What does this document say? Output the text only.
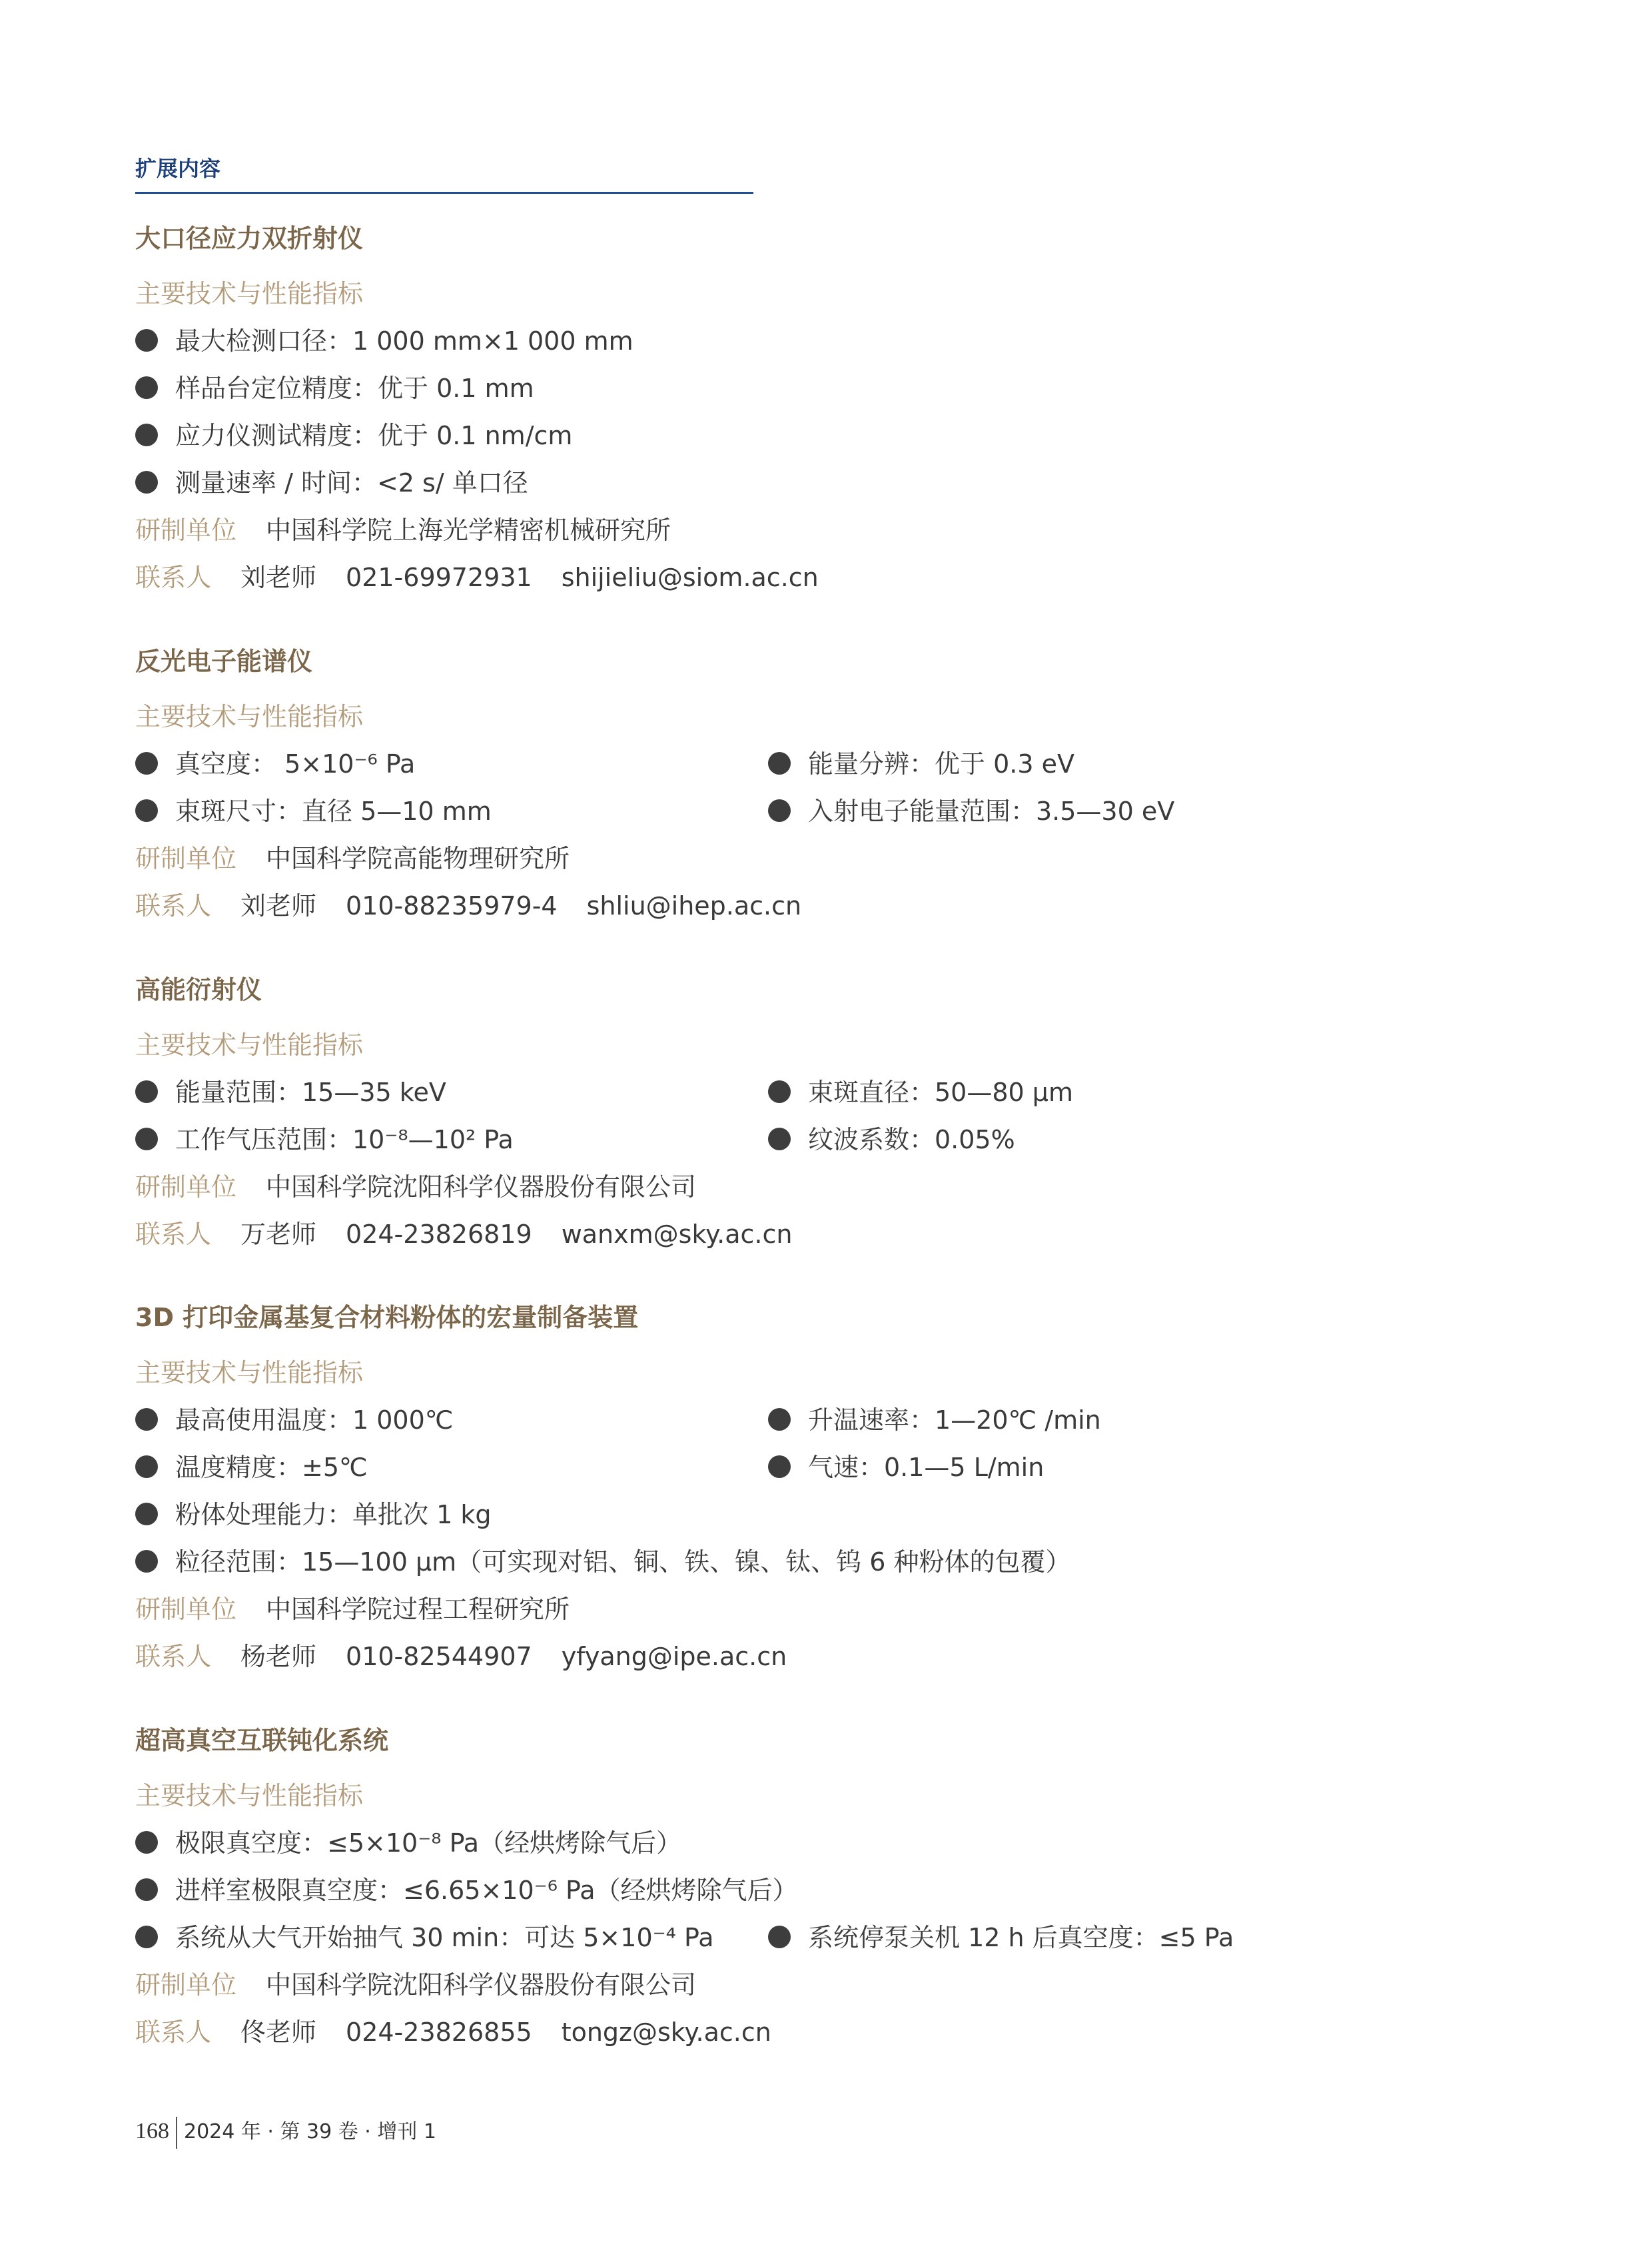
扩展内容
大口径应力双折射仪
主要技术与性能指标
最大检测口径：1 000 mm×1 000 mm
样品台定位精度：优于 0.1 mm
应力仪测试精度：优于 0.1 nm/cm
测量速率 / 时间：<2 s/ 单口径
研制单位 中国科学院上海光学精密机械研究所
联系人 刘老师 021-69972931 shijieliu@siom.ac.cn
反光电子能谱仪
主要技术与性能指标
真空度： 5×10⁻⁶ Pa	能量分辨：优于 0.3 eV
束斑尺寸：直径 5—10 mm	入射电子能量范围：3.5—30 eV
研制单位 中国科学院高能物理研究所
联系人 刘老师 010-88235979-4 shliu@ihep.ac.cn
高能衍射仪
主要技术与性能指标
能量范围：15—35 keV	束斑直径：50—80 μm
工作气压范围：10⁻⁸—10² Pa	纹波系数：0.05%
研制单位 中国科学院沈阳科学仪器股份有限公司
联系人 万老师 024-23826819 wanxm@sky.ac.cn
3D 打印金属基复合材料粉体的宏量制备装置
主要技术与性能指标
最高使用温度：1 000℃	升温速率：1—20℃ /min
温度精度：±5℃	气速：0.1—5 L/min
粉体处理能力：单批次 1 kg
粒径范围：15—100 μm（可实现对铝、铜、铁、镍、钛、钨 6 种粉体的包覆）
研制单位 中国科学院过程工程研究所
联系人 杨老师 010-82544907 yfyang@ipe.ac.cn
超高真空互联钝化系统
主要技术与性能指标
极限真空度：≤5×10⁻⁸ Pa（经烘烤除气后）
进样室极限真空度：≤6.65×10⁻⁶ Pa（经烘烤除气后）
系统从大气开始抽气 30 min：可达 5×10⁻⁴ Pa	系统停泵关机 12 h 后真空度：≤5 Pa
研制单位 中国科学院沈阳科学仪器股份有限公司
联系人 佟老师 024-23826855 tongz@sky.ac.cn
168 2024 年 · 第 39 卷 · 增刊 1
